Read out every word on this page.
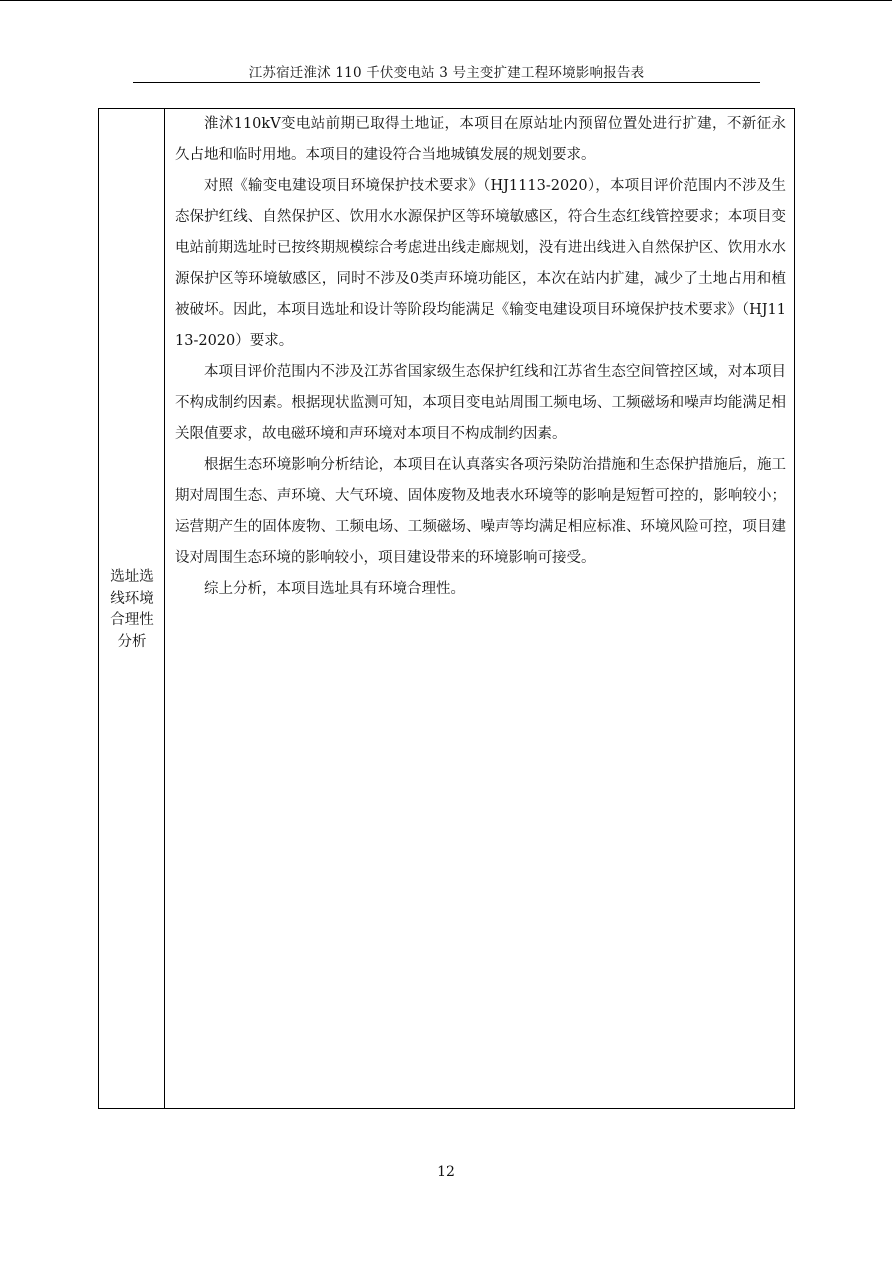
江苏宿迁淮沭 110 千伏变电站 3 号主变扩建工程环境影响报告表
选址选线环境合理性分析

淮沭110kV变电站前期已取得土地证，本项目在原站址内预留位置处进行扩建，不新征永久占地和临时用地。本项目的建设符合当地城镇发展的规划要求。

对照《输变电建设项目环境保护技术要求》（HJ1113-2020），本项目评价范围内不涉及生态保护红线、自然保护区、饮用水水源保护区等环境敏感区，符合生态红线管控要求；本项目变电站前期选址时已按终期规模综合考虑进出线走廊规划，没有进出线进入自然保护区、饮用水水源保护区等环境敏感区，同时不涉及0类声环境功能区，本次在站内扩建，减少了土地占用和植被破坏。因此，本项目选址和设计等阶段均能满足《输变电建设项目环境保护技术要求》（HJ1113-2020）要求。

本项目评价范围内不涉及江苏省国家级生态保护红线和江苏省生态空间管控区域，对本项目不构成制约因素。根据现状监测可知，本项目变电站周围工频电场、工频磁场和噪声均能满足相关限值要求，故电磁环境和声环境对本项目不构成制约因素。

根据生态环境影响分析结论，本项目在认真落实各项污染防治措施和生态保护措施后，施工期对周围生态、声环境、大气环境、固体废物及地表水环境等的影响是短暂可控的，影响较小；运营期产生的固体废物、工频电场、工频磁场、噪声等均满足相应标准、环境风险可控，项目建设对周围生态环境的影响较小，项目建设带来的环境影响可接受。

综上分析，本项目选址具有环境合理性。

12
